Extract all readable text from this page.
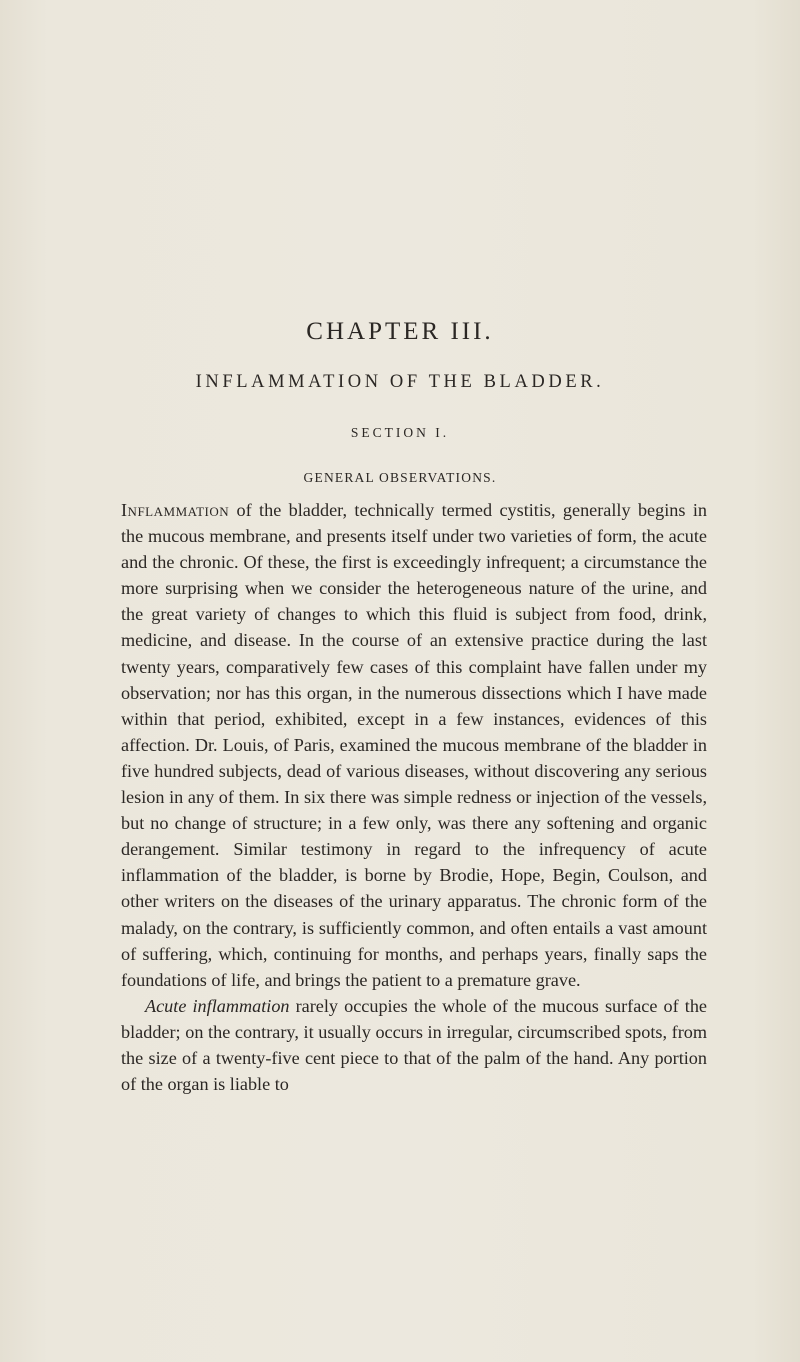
CHAPTER III.
INFLAMMATION OF THE BLADDER.
SECTION I.
GENERAL OBSERVATIONS.

Inflammation of the bladder, technically termed cystitis, generally begins in the mucous membrane, and presents itself under two varieties of form, the acute and the chronic. Of these, the first is exceedingly infrequent; a circumstance the more surprising when we consider the heterogeneous nature of the urine, and the great variety of changes to which this fluid is subject from food, drink, medicine, and disease. In the course of an extensive practice during the last twenty years, comparatively few cases of this complaint have fallen under my observation; nor has this organ, in the numerous dissections which I have made within that period, exhibited, except in a few instances, evidences of this affection. Dr. Louis, of Paris, examined the mucous membrane of the bladder in five hundred subjects, dead of various diseases, without discovering any serious lesion in any of them. In six there was simple redness or injection of the vessels, but no change of structure; in a few only, was there any softening and organic derangement. Similar testimony in regard to the infrequency of acute inflammation of the bladder, is borne by Brodie, Hope, Begin, Coulson, and other writers on the diseases of the urinary apparatus. The chronic form of the malady, on the contrary, is sufficiently common, and often entails a vast amount of suffering, which, continuing for months, and perhaps years, finally saps the foundations of life, and brings the patient to a premature grave.

Acute inflammation rarely occupies the whole of the mucous surface of the bladder; on the contrary, it usually occurs in irregular, circumscribed spots, from the size of a twenty-five cent piece to that of the palm of the hand. Any portion of the organ is liable to
